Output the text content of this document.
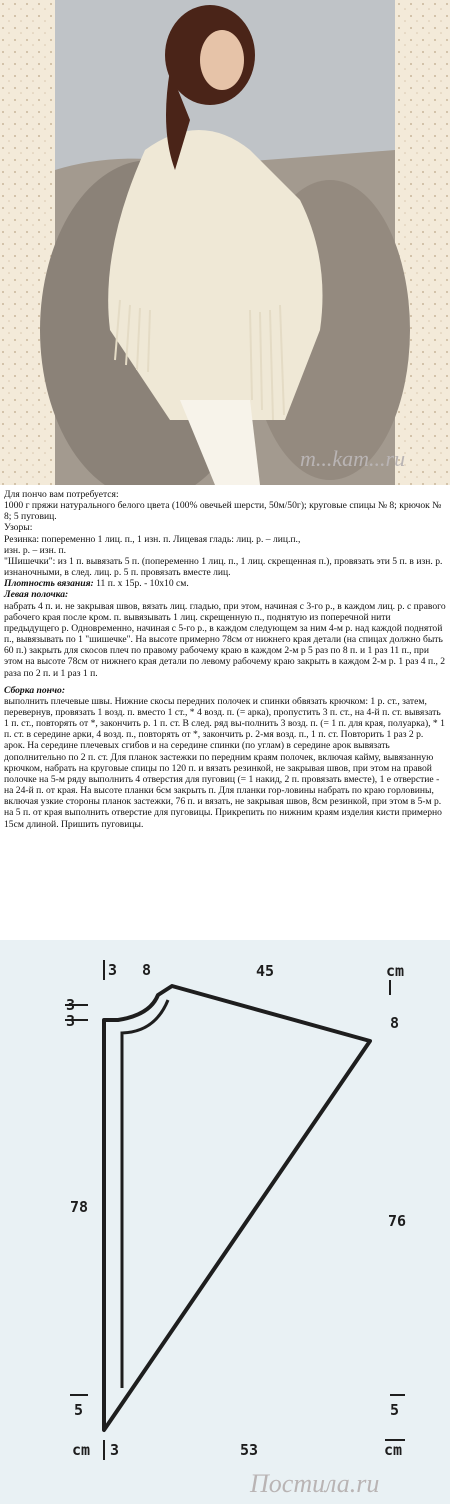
m...kam...ru

Для пончо вам потребуется:

1000 г пряжи натурального белого цвета (100% овечьей шерсти, 50м/50г); круговые спицы № 8; крючок № 8; 5 пуговиц.

Узоры:

Резинка: попеременно 1 лиц. п., 1 изн. п. Лицевая гладь: лиц. р. – лиц.п.,

изн. р. – изн. п.

"Шишечки": из 1 п. вывязать 5 п. (попеременно 1 лиц. п., 1 лиц. скрещенная п.), провязать эти 5 п. в изн. р. изнаночными, в след. лиц. р. 5 п. провязать вместе лиц.

Плотность вязания: 11 п. х 15р. - 10х10 см.

Левая полочка:

набрать 4 п. и. не закрывая швов, вязать лиц. гладью, при этом, начиная с 3-го р., в каждом лиц. р. с правого рабочего края после кром. п. вывязывать 1 лиц. скрещенную п., поднятую из поперечной нити предыдущего р. Одновременно, начиная с 5-го р., в каждом следующем за ним 4-м р. над каждой поднятой п., вывязывать по 1 "шишечке". На высоте примерно 78см от нижнего края детали (на спицах должно быть 60 п.) закрыть для скосов плеч по правому рабочему краю в каждом 2-м р 5 раз по 8 п. и 1 раз 11 п., при этом на высоте 78см от нижнего края детали по левому рабочему краю закрыть в каждом 2-м р. 1 раз 4 п., 2 раза по 2 п. и 1 раз 1 п.

Сборка пончо:

выполнить плечевые швы. Нижние скосы передних полочек и спинки обвязать крючком: 1 р. ст., затем, перевернув, провязать 1 возд. п. вместо 1 ст., * 4 возд. п. (= арка), пропустить 3 п. ст., на 4-й п. ст. вывязать 1 п. ст., повторять от *, закончить р. 1 п. ст. В след. ряд вы-полнить 3 возд. п. (= 1 п. для края, полуарка), * 1 п. ст. в середине арки, 4 возд. п., повторять от *, закончить р. 2-мя возд. п., 1 п. ст. Повторить 1 раз 2 р. арок. На середине плечевых сгибов и на середине спинки (по углам) в середине арок вывязать дополнительно по 2 п. ст. Для планок застежки по передним краям полочек, включая кайму, вывязанную крючком, набрать на круговые спицы по 120 п. и вязать резинкой, не закрывая швов, при этом на правой полочке на 5-м ряду выполнить 4 отверстия для пуговиц (= 1 накид, 2 п. провязать вместе), 1 е отверстие - на 24-й п. от края. На высоте планки 6см закрыть п. Для планки гор-ловины набрать по краю горловины, включая узкие стороны планок застежки, 76 п. и вязать, не закрывая швов, 8см резинкой, при этом в 5-м р. на 5 п. от края выполнить отверстие для пуговицы. Прикрепить по нижним краям изделия кисти примерно 15см длиной. Пришить пуговицы.

3 8	45	cm
3
3	8
78
76
5	5
cm 3	53	cm
Постила.ru
